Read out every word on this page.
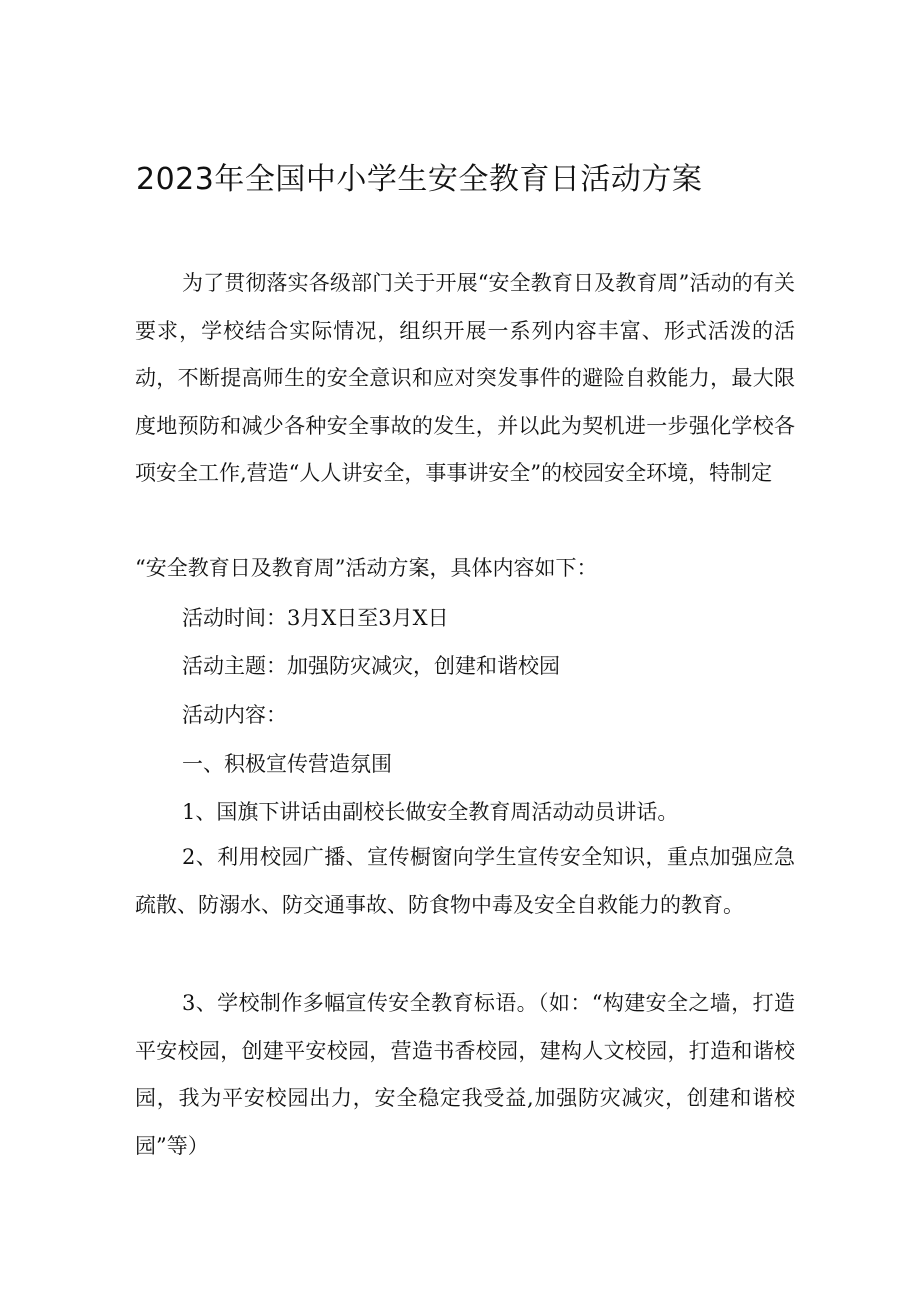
2023年全国中小学生安全教育日活动方案

为了贯彻落实各级部门关于开展“安全教育日及教育周”活动的有关要求，学校结合实际情况，组织开展一系列内容丰富、形式活泼的活动，不断提高师生的安全意识和应对突发事件的避险自救能力，最大限度地预防和减少各种安全事故的发生，并以此为契机进一步强化学校各项安全工作,营造“人人讲安全，事事讲安全”的校园安全环境，特制定

“安全教育日及教育周”活动方案，具体内容如下：

活动时间：3月X日至3月X日

活动主题：加强防灾减灾，创建和谐校园

活动内容：

一、积极宣传营造氛围

1、国旗下讲话由副校长做安全教育周活动动员讲话。

2、利用校园广播、宣传橱窗向学生宣传安全知识，重点加强应急疏散、防溺水、防交通事故、防食物中毒及安全自救能力的教育。

3、学校制作多幅宣传安全教育标语。（如：“构建安全之墙，打造平安校园，创建平安校园，营造书香校园，建构人文校园，打造和谐校园，我为平安校园出力，安全稳定我受益,加强防灾减灾，创建和谐校园”等）
